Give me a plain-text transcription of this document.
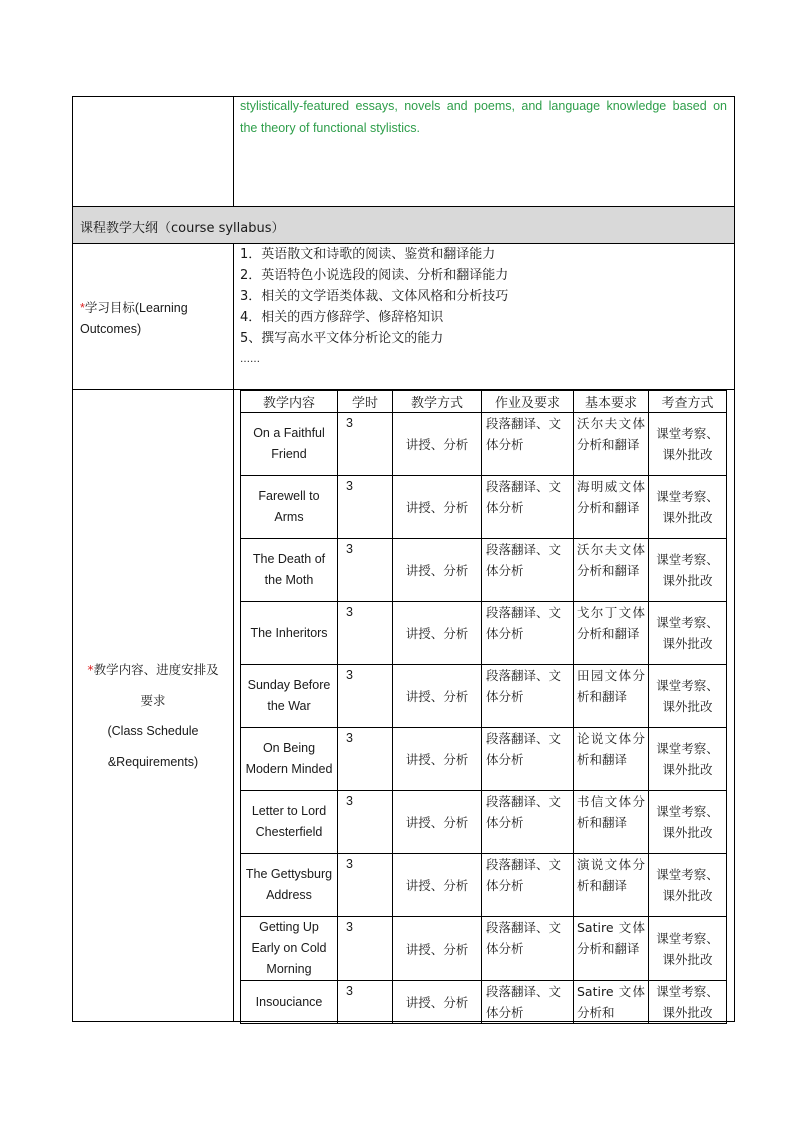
stylistically-featured essays, novels and poems, and language knowledge based on
the theory of functional stylistics.
课程教学大纲（course syllabus）
*学习目标(Learning
Outcomes)
1．英语散文和诗歌的阅读、鉴赏和翻译能力
2．英语特色小说选段的阅读、分析和翻译能力
3．相关的文学语类体裁、文体风格和分析技巧
4．相关的西方修辞学、修辞格知识
5、撰写高水平文体分析论文的能力
……
*教学内容、进度安排及
要求
(Class Schedule
&Requirements)
教学内容	学时	教学方式	作业及要求	基本要求	考查方式
On a Faithful Friend	3	讲授、分析	段落翻译、文体分析	沃尔夫文体分析和翻译	课堂考察、课外批改
Farewell to Arms	3	讲授、分析	段落翻译、文体分析	海明威文体分析和翻译	课堂考察、课外批改
The Death of the Moth	3	讲授、分析	段落翻译、文体分析	沃尔夫文体分析和翻译	课堂考察、课外批改
The Inheritors	3	讲授、分析	段落翻译、文体分析	戈尔丁文体分析和翻译	课堂考察、课外批改
Sunday Before the War	3	讲授、分析	段落翻译、文体分析	田园文体分析和翻译	课堂考察、课外批改
On Being Modern Minded	3	讲授、分析	段落翻译、文体分析	论说文体分析和翻译	课堂考察、课外批改
Letter to Lord Chesterfield	3	讲授、分析	段落翻译、文体分析	书信文体分析和翻译	课堂考察、课外批改
The Gettysburg Address	3	讲授、分析	段落翻译、文体分析	演说文体分析和翻译	课堂考察、课外批改
Getting Up Early on Cold Morning	3	讲授、分析	段落翻译、文体分析	Satire 文体分析和翻译	课堂考察、课外批改
Insouciance	3	讲授、分析	段落翻译、文体分析	Satire 文体分析和	课堂考察、课外批改
